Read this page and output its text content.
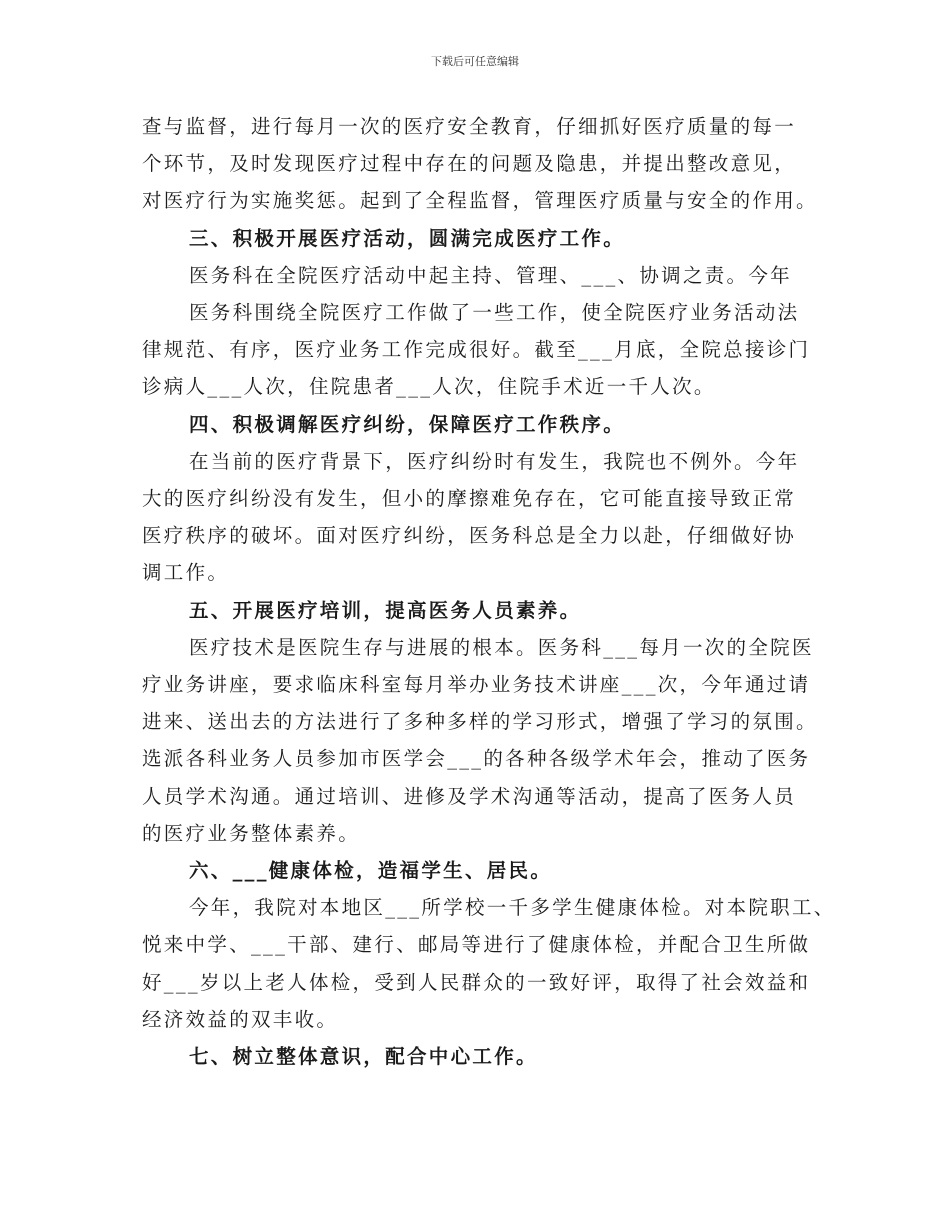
下载后可任意编辑

查与监督，进行每月一次的医疗安全教育，仔细抓好医疗质量的每一

个环节，及时发现医疗过程中存在的问题及隐患，并提出整改意见，

对医疗行为实施奖惩。起到了全程监督，管理医疗质量与安全的作用。

三、积极开展医疗活动，圆满完成医疗工作。

医务科在全院医疗活动中起主持、管理、___、协调之责。今年

医务科围绕全院医疗工作做了一些工作，使全院医疗业务活动法

律规范、有序，医疗业务工作完成很好。截至___月底，全院总接诊门

诊病人___人次，住院患者___人次，住院手术近一千人次。

四、积极调解医疗纠纷，保障医疗工作秩序。

在当前的医疗背景下，医疗纠纷时有发生，我院也不例外。今年

大的医疗纠纷没有发生，但小的摩擦难免存在，它可能直接导致正常

医疗秩序的破坏。面对医疗纠纷，医务科总是全力以赴，仔细做好协

调工作。

五、开展医疗培训，提高医务人员素养。

医疗技术是医院生存与进展的根本。医务科___每月一次的全院医

疗业务讲座，要求临床科室每月举办业务技术讲座___次，今年通过请

进来、送出去的方法进行了多种多样的学习形式，增强了学习的氛围。

选派各科业务人员参加市医学会___的各种各级学术年会，推动了医务

人员学术沟通。通过培训、进修及学术沟通等活动，提高了医务人员

的医疗业务整体素养。

六、___健康体检，造福学生、居民。

今年，我院对本地区___所学校一千多学生健康体检。对本院职工、

悦来中学、___干部、建行、邮局等进行了健康体检，并配合卫生所做

好___岁以上老人体检，受到人民群众的一致好评，取得了社会效益和

经济效益的双丰收。

七、树立整体意识，配合中心工作。
